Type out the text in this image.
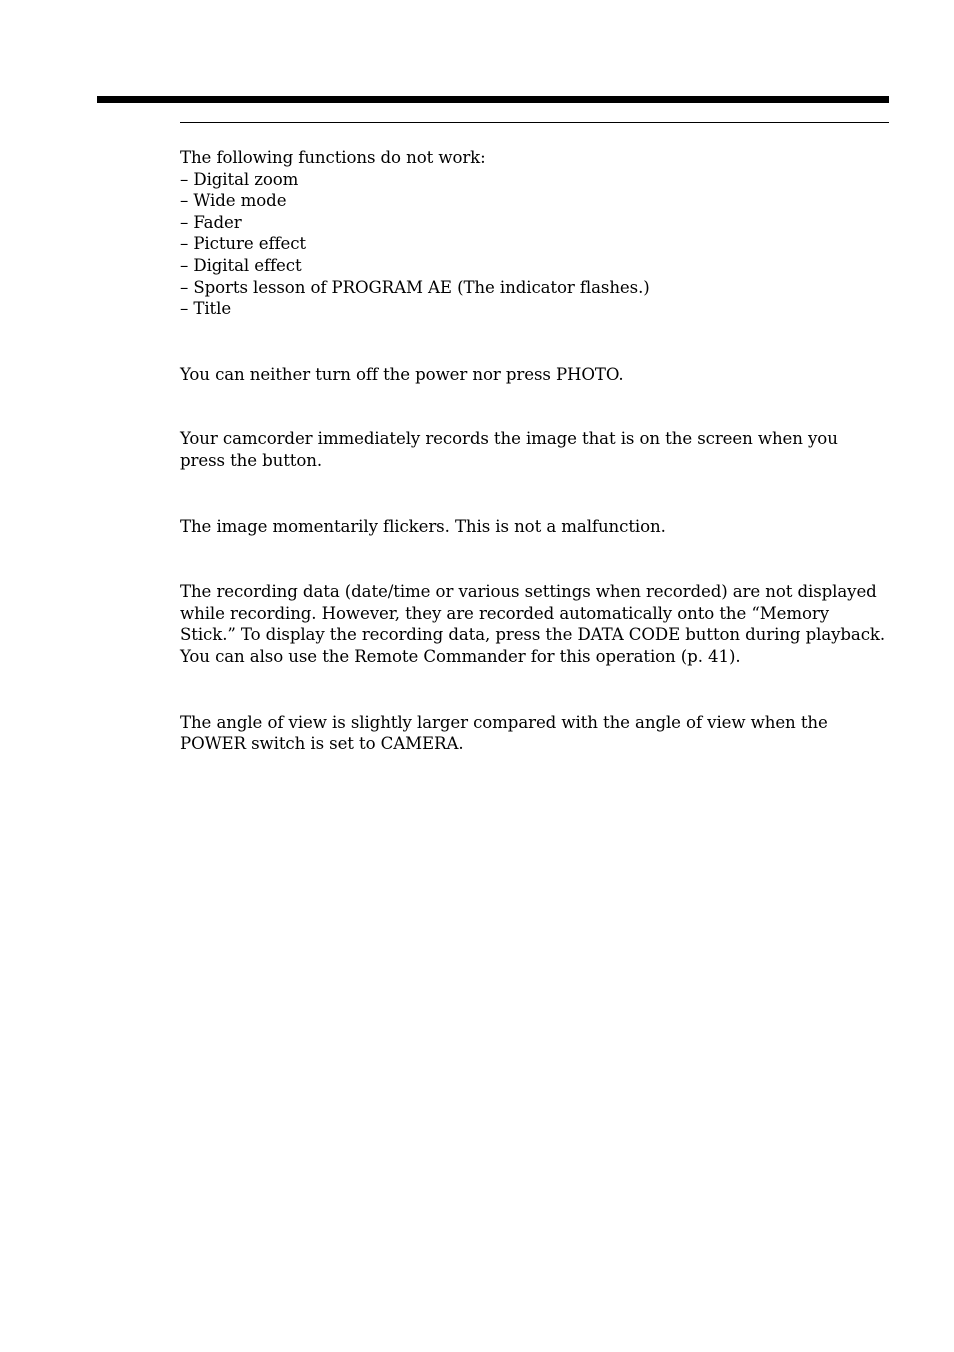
The following functions do not work:

– Digital zoom
– Wide mode
– Fader
– Picture effect
– Digital effect
– Sports lesson of PROGRAM AE (The indicator flashes.)
– Title

You can neither turn off the power nor press PHOTO.

Your camcorder immediately records the image that is on the screen when you press the button.

The image momentarily flickers. This is not a malfunction.

The recording data (date/time or various settings when recorded) are not displayed while recording. However, they are recorded automatically onto the “Memory Stick.” To display the recording data, press the DATA CODE button during playback. You can also use the Remote Commander for this operation (p. 41).

The angle of view is slightly larger compared with the angle of view when the POWER switch is set to CAMERA.
